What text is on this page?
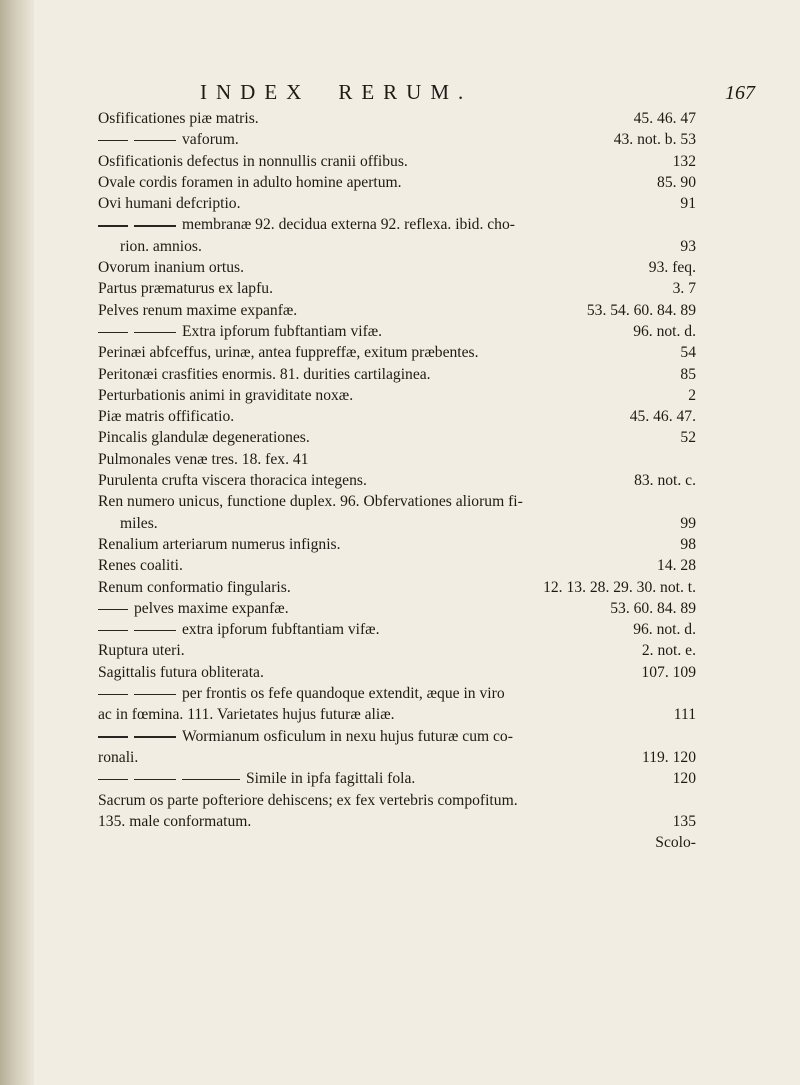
INDEX RERUM.	167
Osfificationes piæ matris.	45. 46. 47
vaforum.	43. not. b. 53
Osfificationis defectus in nonnullis cranii offibus.	132
Ovale cordis foramen in adulto homine apertum.	85. 90
Ovi humani defcriptio.	91
membranæ 92. decidua externa 92. reflexa. ibid. cho-
rion. amnios.	93
Ovorum inanium ortus.	93. feq.
Partus præmaturus ex lapfu.	3. 7
Pelves renum maxime expanfæ.	53. 54. 60. 84. 89
Extra ipforum fubftantiam vifæ.	96. not. d.
Perinæi abfceffus, urinæ, antea fuppreffæ, exitum præbentes.	54
Peritonæi crasfities enormis. 81. durities cartilaginea.	85
Perturbationis animi in graviditate noxæ.	2
Piæ matris offificatio.	45. 46. 47.
Pincalis glandulæ degenerationes.	52
Pulmonales venæ tres. 18. fex. 41
Purulenta crufta viscera thoracica integens.	83. not. c.
Ren numero unicus, functione duplex. 96. Obfervationes aliorum fi-
miles.	99
Renalium arteriarum numerus infignis.	98
Renes coaliti.	14. 28
Renum conformatio fingularis.	12. 13. 28. 29. 30. not. t.
pelves maxime expanfæ.	53. 60. 84. 89
extra ipforum fubftantiam vifæ.	96. not. d.
Ruptura uteri.	2. not. e.
Sagittalis futura obliterata.	107. 109
per frontis os fefe quandoque extendit, æque in viro
ac in fœmina. 111. Varietates hujus futuræ aliæ.	111
Wormianum osficulum in nexu hujus futuræ cum co-
ronali.	119. 120
Simile in ipfa fagittali fola.	120
Sacrum os parte pofteriore dehiscens; ex fex vertebris compofitum.
135. male conformatum.	135
Scolo-
